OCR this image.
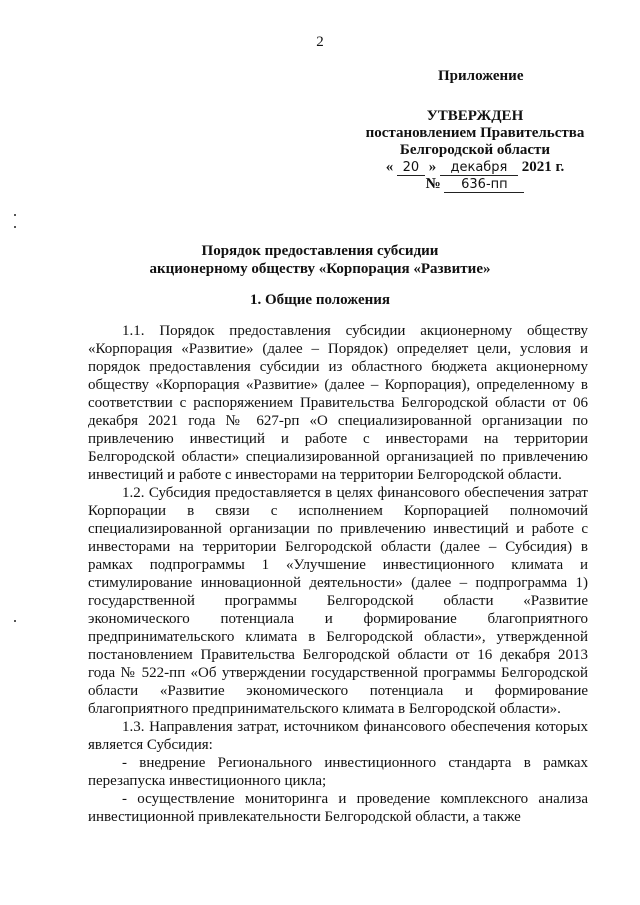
2
Приложение
УТВЕРЖДЕН
постановлением Правительства
Белгородской области
« 20 » декабря 2021 г.
№ 636-пп
Порядок предоставления субсидии
акционерному обществу «Корпорация «Развитие»
1. Общие положения

1.1. Порядок предоставления субсидии акционерному обществу «Корпорация «Развитие» (далее – Порядок) определяет цели, условия и порядок предоставления субсидии из областного бюджета акционерному обществу «Корпорация «Развитие» (далее – Корпорация), определенному в соответствии с распоряжением Правительства Белгородской области от 06 декабря 2021 года № 627-рп «О специализированной организации по привлечению инвестиций и работе с инвесторами на территории Белгородской области» специализированной организацией по привлечению инвестиций и работе с инвесторами на территории Белгородской области.

1.2. Субсидия предоставляется в целях финансового обеспечения затрат Корпорации в связи с исполнением Корпорацией полномочий специализированной организации по привлечению инвестиций и работе с инвесторами на территории Белгородской области (далее – Субсидия) в рамках подпрограммы 1 «Улучшение инвестиционного климата и стимулирование инновационной деятельности» (далее – подпрограмма 1) государственной программы Белгородской области «Развитие экономического потенциала и формирование благоприятного предпринимательского климата в Белгородской области», утвержденной постановлением Правительства Белгородской области от 16 декабря 2013 года № 522-пп «Об утверждении государственной программы Белгородской области «Развитие экономического потенциала и формирование благоприятного предпринимательского климата в Белгородской области».

1.3. Направления затрат, источником финансового обеспечения которых является Субсидия:

- внедрение Регионального инвестиционного стандарта в рамках перезапуска инвестиционного цикла;

- осуществление мониторинга и проведение комплексного анализа инвестиционной привлекательности Белгородской области, а также
